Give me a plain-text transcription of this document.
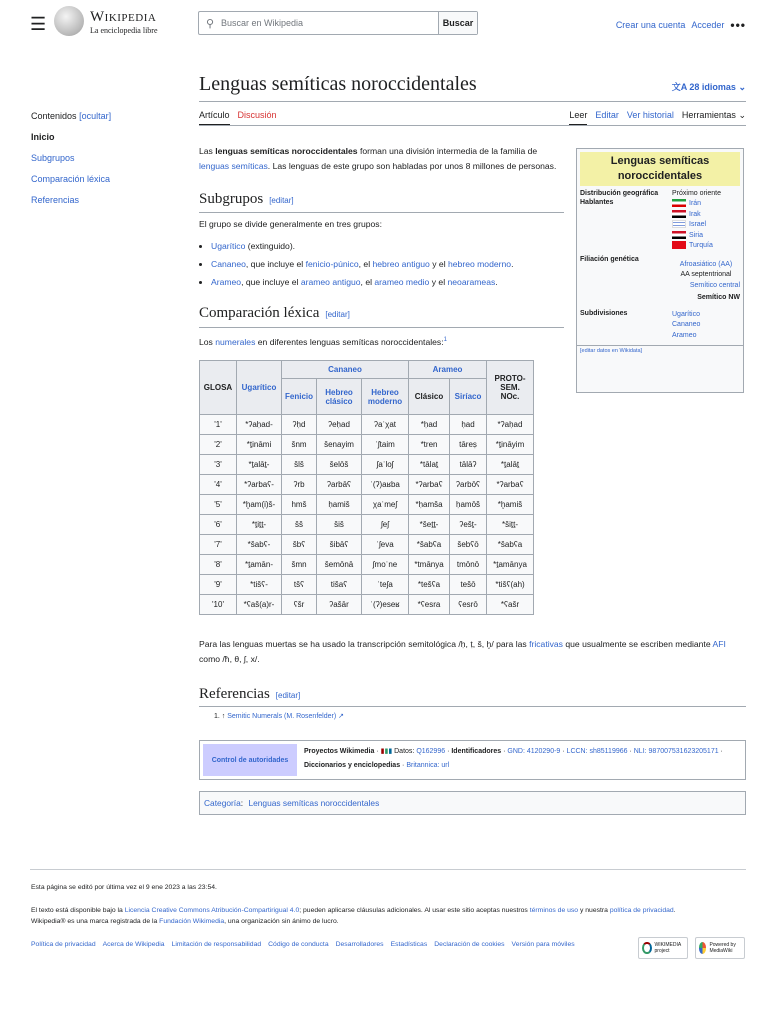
☰	Wikipedia
La enciclopedia libre
⚲
Buscar en Wikipedia	Buscar	Crear una cuenta Acceder •••
Contenidos [ocultar]
Inicio
Subgrupos
Comparación léxica
Referencias
Lenguas semíticas noroccidentales	文A 28 idiomas ⌄
Artículo Discusión	Leer Editar Ver historial Herramientas ⌄
Las lenguas semíticas noroccidentales forman una división intermedia de la familia de lenguas semíticas. Las lenguas de este grupo son habladas por unos 8 millones de personas.
Subgrupos [editar]
El grupo se divide generalmente en tres grupos:
• Ugarítico (extinguido).
• Cananeo, que incluye el fenicio-púnico, el hebreo antiguo y el hebreo moderno.
• Arameo, que incluye el arameo antiguo, el arameo medio y el neoarameas.
Comparación léxica [editar]
Los numerales en diferentes lenguas semíticas noroccidentales:$^1$
GLOSA	Ugarítico	Cananeo			Arameo		PROTO-SEM. NOc.
		Fenicio	Hebreo clásico	Hebreo moderno	Clásico	Siríaco	
'1'	*ʔaḥad-	ʔḥd	ʔeḥad	ʔaˈχat	*ḥad	ḥad	*ʔaḥad
'2'	*ṯināmi	šnm	šenayim	ˈʃtaim	*tren	tāreṣ	*ṯināyim
'3'	*ṯalāṯ-	šlš	šelōš	ʃaˈloʃ	*tālaṯ	tālāʔ	*ṯalāṯ
'4'	*ʔarbaʕ-	ʔrb	ʔarbāʕ	ˈ(ʔ)aʁba	*ʔarbaʕ	ʔarbōʕ	*ʔarbaʕ
'5'	*ḫam(i)š-	hmš	ḥamiš	χaˈmeʃ	*ḥamša	ḥamōš	*ḫamiš
'6'	*ṯiṯṯ-	šš	šiš	ʃeʃ	*šeṯṯ-	ʔešṯ-	*šiṯṯ-
'7'	*šabʕ-	šbʕ	šibāʕ	ˈʃeva	*šabʕa	šebʕō	*šabʕa
'8'	*ṯamān-	šmn	šemōnā	ʃmoˈne	*tmānya	tmōnō	*ṯamānya
'9'	*tišʕ-	tšʕ	tišaʕ	ˈteʃa	*tešʕa	tešō	*tišʕ(ah)
'10'	*ʕaš(a)r-	ʕšr	ʔašār	ˈ(ʔ)eseʁ	*ʕesra	ʕesrō	*ʕašr
Para las lenguas muertas se ha usado la transcripción semitológica /ḥ, ṭ, š, ḫ/ para las fricativas que usualmente se escriben mediante AFI como /ħ, θ, ʃ, x/.
Referencias [editar]
1. ↑ Semitic Numerals (M. Rosenfelder) ↗
Control de autoridades
Proyectos Wikimedia · ▮▮▮ Datos: Q162996 · Identificadores · GND: 4120290-9 · LCCN: sh85119966 · NLI: 987007531623205171 · Diccionarios y enciclopedias · Britannica: url
Categoría: Lenguas semíticas noroccidentales
Lenguas semíticas noroccidentales
Distribución geográfica	Próximo oriente
Hablantes	Irán
Irak
Israel
Siria
Turquía
Filiación genética
Afroasiático (AA)
AA septentrional
Semítico central
Semítico NW
Subdivisiones	Ugarítico
Cananeo
Arameo
[editar datos en Wikidata]
Esta página se editó por última vez el 9 ene 2023 a las 23:54.
El texto está disponible bajo la Licencia Creative Commons Atribución-Compartirigual 4.0; pueden aplicarse cláusulas adicionales. Al usar este sitio aceptas nuestros términos de uso y nuestra política de privacidad.
Wikipedia® es una marca registrada de la Fundación Wikimedia, una organización sin ánimo de lucro.
Política de privacidad Acerca de Wikipedia Limitación de responsabilidad Código de conducta Desarrolladores Estadísticas Declaración de cookies Versión para móviles	WIKIMEDIA project
Powered by MediaWiki
